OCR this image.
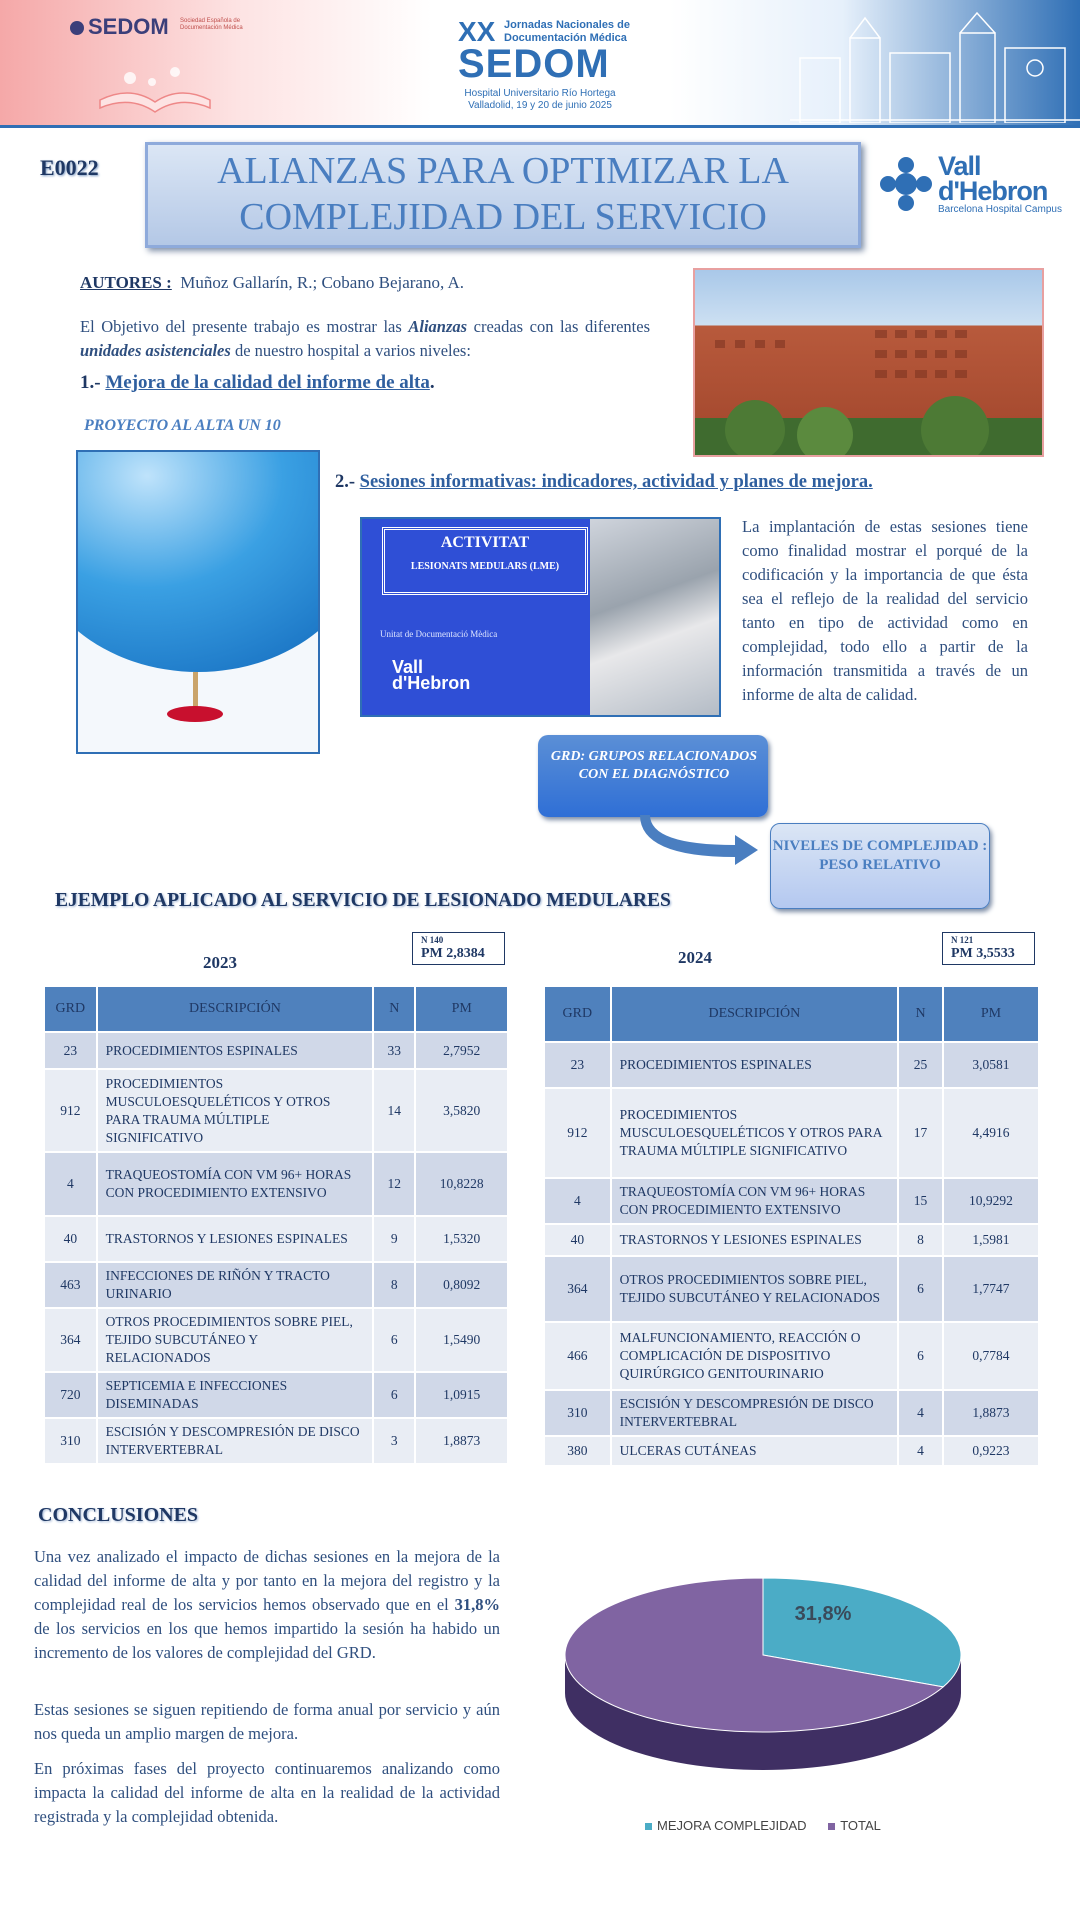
SEDOM Sociedad Española de Documentación Médica	XX Jornadas Nacionales de Documentación Médica
SEDOM
Hospital Universitario Río Hortega
Valladolid, 19 y 20 de junio 2025
E0022	ALIANZAS PARA OPTIMIZAR LA COMPLEJIDAD DEL SERVICIO
Vall d'Hebron
Barcelona Hospital Campus
AUTORES : Muñoz Gallarín, R.; Cobano Bejarano, A.
El Objetivo del presente trabajo es mostrar las Alianzas creadas con las diferentes unidades asistenciales de nuestro hospital a varios niveles:
1.- Mejora de la calidad del informe de alta.
PROYECTO AL ALTA UN 10
2.- Sesiones informativas: indicadores, actividad y planes de mejora.
ACTIVITAT
LESIONATS MEDULARS (LME)
Unitat de Documentació Mèdica
Vall d'Hebron
La implantación de estas sesiones tiene como finalidad mostrar el porqué de la codificación y la importancia de que ésta sea el reflejo de la realidad del servicio tanto en tipo de actividad como en complejidad, todo ello a partir de la información transmitida a través de un informe de alta de calidad.
GRD: GRUPOS RELACIONADOS CON EL DIAGNÓSTICO
NIVELES DE COMPLEJIDAD : PESO RELATIVO
EJEMPLO APLICADO AL SERVICIO DE LESIONADO MEDULARES
2023
N 140
PM 2,8384
GRD	DESCRIPCIÓN	N	PM
23	PROCEDIMIENTOS ESPINALES	33	2,7952
912	PROCEDIMIENTOS MUSCULOESQUELÉTICOS Y OTROS PARA TRAUMA MÚLTIPLE SIGNIFICATIVO	14	3,5820
4	TRAQUEOSTOMÍA CON VM 96+ HORAS CON PROCEDIMIENTO EXTENSIVO	12	10,8228
40	TRASTORNOS Y LESIONES ESPINALES	9	1,5320
463	INFECCIONES DE RIÑÓN Y TRACTO URINARIO	8	0,8092
364	OTROS PROCEDIMIENTOS SOBRE PIEL, TEJIDO SUBCUTÁNEO Y RELACIONADOS	6	1,5490
720	SEPTICEMIA E INFECCIONES DISEMINADAS	6	1,0915
310	ESCISIÓN Y DESCOMPRESIÓN DE DISCO INTERVERTEBRAL	3	1,8873
2024
N 121
PM 3,5533
GRD	DESCRIPCIÓN	N	PM
23	PROCEDIMIENTOS ESPINALES	25	3,0581
912	PROCEDIMIENTOS MUSCULOESQUELÉTICOS Y OTROS PARA TRAUMA MÚLTIPLE SIGNIFICATIVO	17	4,4916
4	TRAQUEOSTOMÍA CON VM 96+ HORAS CON PROCEDIMIENTO EXTENSIVO	15	10,9292
40	TRASTORNOS Y LESIONES ESPINALES	8	1,5981
364	OTROS PROCEDIMIENTOS SOBRE PIEL, TEJIDO SUBCUTÁNEO Y RELACIONADOS	6	1,7747
466	MALFUNCIONAMIENTO, REACCIÓN O COMPLICACIÓN DE DISPOSITIVO QUIRÚRGICO GENITOURINARIO	6	0,7784
310	ESCISIÓN Y DESCOMPRESIÓN DE DISCO INTERVERTEBRAL	4	1,8873
380	ULCERAS CUTÁNEAS	4	0,9223
CONCLUSIONES
Una vez analizado el impacto de dichas sesiones en la mejora de la calidad del informe de alta y por tanto en la mejora del registro y la complejidad real de los servicios hemos observado que en el 31,8% de los servicios en los que hemos impartido la sesión ha habido un incremento de los valores de complejidad del GRD.
Estas sesiones se siguen repitiendo de forma anual por servicio y aún nos queda un amplio margen de mejora.
En próximas fases del proyecto continuaremos analizando como impacta la calidad del informe de alta en la realidad de la actividad registrada y la complejidad obtenida.
31,8%
MEJORA COMPLEJIDAD	TOTAL
